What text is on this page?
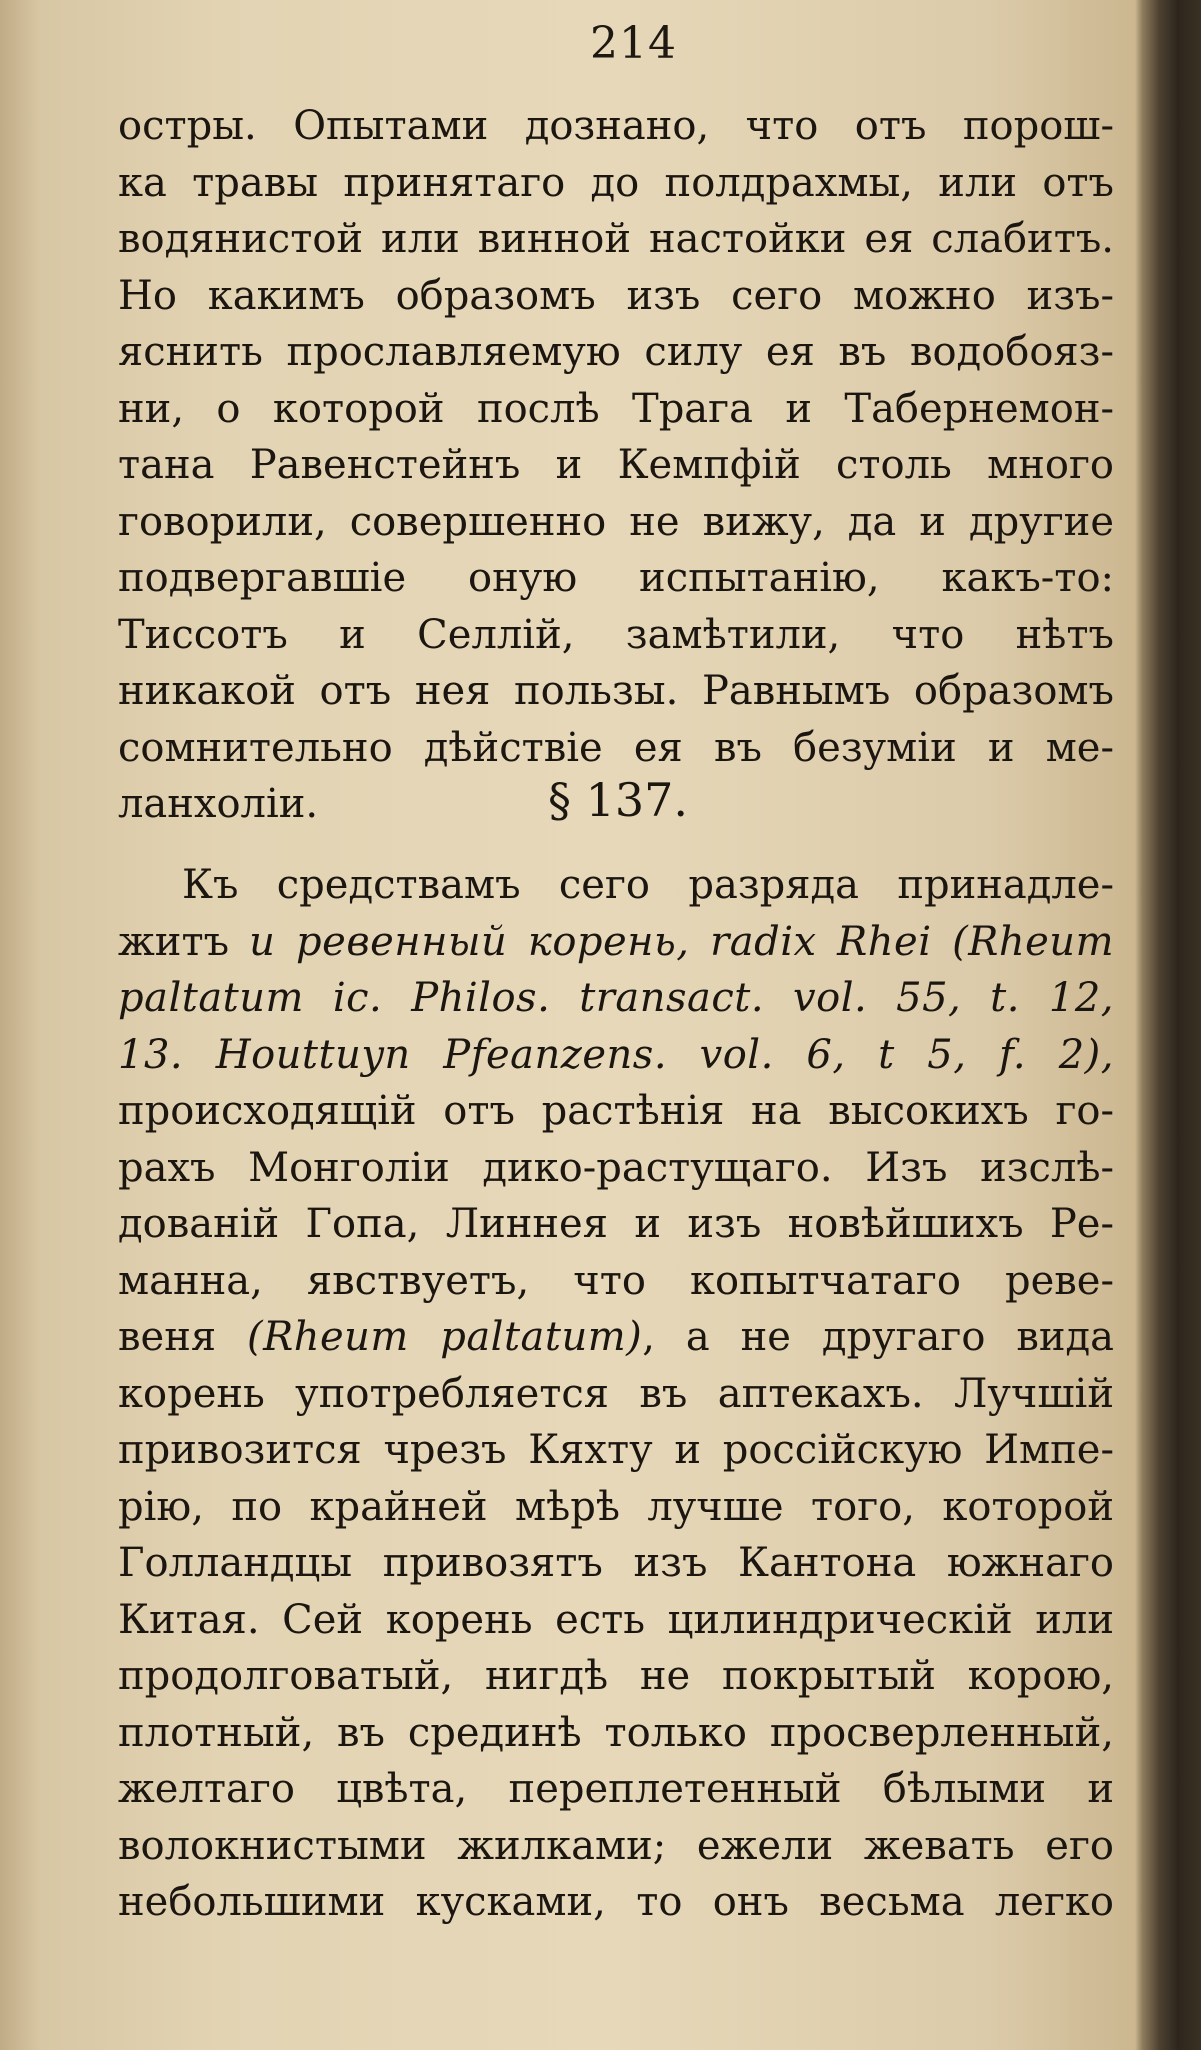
214
остры. Опытами дознано, что отъ порош-
ка травы принятаго до полдрахмы, или отъ
водянистой или винной настойки ея слабитъ.
Но какимъ образомъ изъ сего можно изъ-
яснить прославляемую силу ея въ водобояз-
ни, о которой послѣ Трага и Табернемон-
тана Равенстейнъ и Кемпфій столь много
говорили, совершенно не вижу, да и другие
подвергавшіе оную испытанію, какъ-то:
Тиссотъ и Селлій, замѣтили, что нѣтъ
никакой отъ нея пользы. Равнымъ образомъ
сомнительно дѣйствіе ея въ безуміи и ме-
ланхоліи.	§ 137.
Къ средствамъ сего разряда принадле-
житъ и ревенный корень, radix Rhei (Rheum
paltatum ic. Philos. transact. vol. 55, t. 12,
13. Houttuyn Pfeanzens. vol. 6, t 5, f. 2),
происходящій отъ растѣнія на высокихъ го-
рахъ Монголіи дико-растущаго. Изъ изслѣ-
дованій Гопа, Линнея и изъ новѣйшихъ Ре-
манна, явствуетъ, что копытчатаго реве-
веня (Rheum paltatum), а не другаго вида
корень употребляется въ аптекахъ. Лучшій
привозится чрезъ Кяхту и россійскую Импе-
рію, по крайней мѣрѣ лучше того, которой
Голландцы привозятъ изъ Кантона южнаго
Китая. Сей корень есть цилиндрическій или
продолговатый, нигдѣ не покрытый корою,
плотный, въ срединѣ только просверленный,
желтаго цвѣта, переплетенный бѣлыми и
волокнистыми жилками; ежели жевать его
небольшими кусками, то онъ весьма легко
